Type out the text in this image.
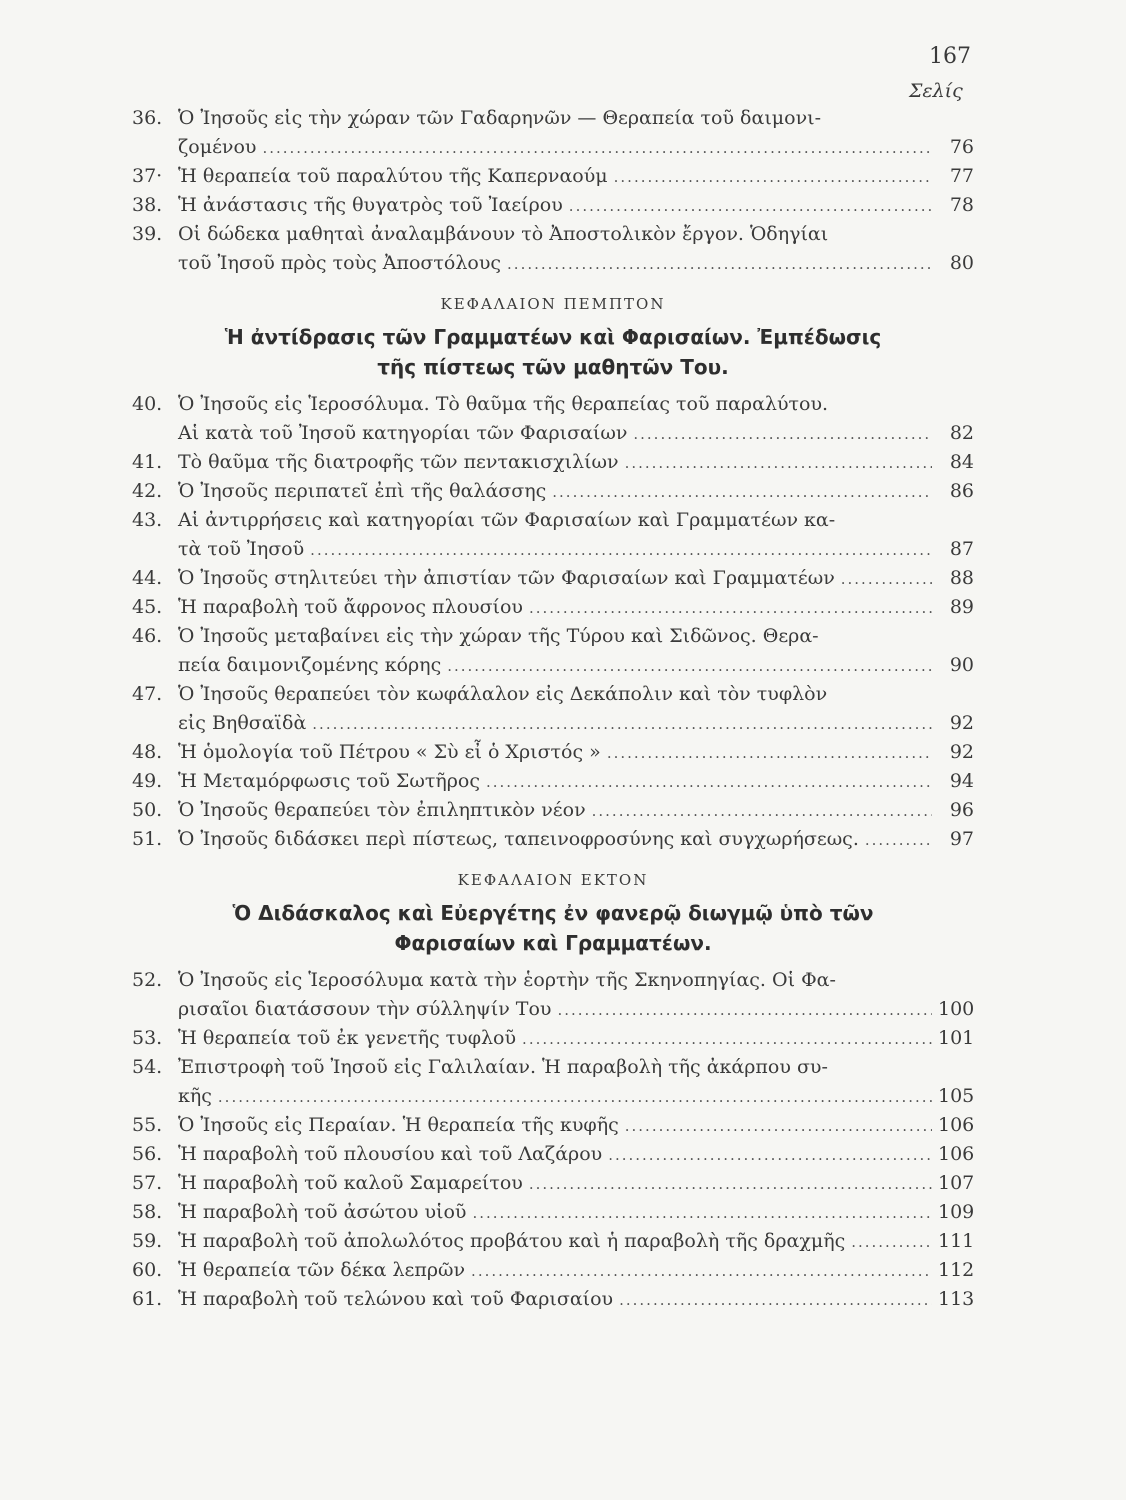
167
Σελίς
36. Ὁ Ἰησοῦς εἰς τὴν χώραν τῶν Γαδαρηνῶν — Θεραπεία τοῦ δαιμονι-
ζομένου .....	76
37· Ἡ θεραπεία τοῦ παραλύτου τῆς Καπερναούμ .....	77
38. Ἡ ἀνάστασις τῆς θυγατρὸς τοῦ Ἰαείρου .....	78
39. Οἱ δώδεκα μαθηταὶ ἀναλαμβάνουν τὸ Ἀποστολικὸν ἔργον. Ὁδηγίαι
τοῦ Ἰησοῦ πρὸς τοὺς Ἀποστόλους .....	80
ΚΕΦΑΛΑΙΟΝ ΠΕΜΠΤΟΝ
Ἡ ἀντίδρασις τῶν Γραμματέων καὶ Φαρισαίων. Ἐμπέδωσις
τῆς πίστεως τῶν μαθητῶν Του.
40. Ὁ Ἰησοῦς εἰς Ἱεροσόλυμα. Τὸ θαῦμα τῆς θεραπείας τοῦ παραλύτου.
Αἱ κατὰ τοῦ Ἰησοῦ κατηγορίαι τῶν Φαρισαίων .....	82
41. Τὸ θαῦμα τῆς διατροφῆς τῶν πεντακισχιλίων .....	84
42. Ὁ Ἰησοῦς περιπατεῖ ἐπὶ τῆς θαλάσσης .....	86
43. Αἱ ἀντιρρήσεις καὶ κατηγορίαι τῶν Φαρισαίων καὶ Γραμματέων κα-
τὰ τοῦ Ἰησοῦ .....	87
44. Ὁ Ἰησοῦς στηλιτεύει τὴν ἀπιστίαν τῶν Φαρισαίων καὶ Γραμματέων .....	88
45. Ἡ παραβολὴ τοῦ ἄφρονος πλουσίου .....	89
46. Ὁ Ἰησοῦς μεταβαίνει εἰς τὴν χώραν τῆς Τύρου καὶ Σιδῶνος. Θερα-
πεία δαιμονιζομένης κόρης .....	90
47. Ὁ Ἰησοῦς θεραπεύει τὸν κωφάλαλον εἰς Δεκάπολιν καὶ τὸν τυφλὸν
εἰς Βηθσαϊδὰ .....	92
48. Ἡ ὁμολογία τοῦ Πέτρου « Σὺ εἶ ὁ Χριστός » .....	92
49. Ἡ Μεταμόρφωσις τοῦ Σωτῆρος .....	94
50. Ὁ Ἰησοῦς θεραπεύει τὸν ἐπιληπτικὸν νέον .....	96
51. Ὁ Ἰησοῦς διδάσκει περὶ πίστεως, ταπεινοφροσύνης καὶ συγχωρήσεως. .....	97
ΚΕΦΑΛΑΙΟΝ ΕΚΤΟΝ
Ὁ Διδάσκαλος καὶ Εὐεργέτης ἐν φανερῷ διωγμῷ ὑπὸ τῶν
Φαρισαίων καὶ Γραμματέων.
52. Ὁ Ἰησοῦς εἰς Ἱεροσόλυμα κατὰ τὴν ἑορτὴν τῆς Σκηνοπηγίας. Οἱ Φα-
ρισαῖοι διατάσσουν τὴν σύλληψίν Του .....	100
53. Ἡ θεραπεία τοῦ ἐκ γενετῆς τυφλοῦ .....	101
54. Ἐπιστροφὴ τοῦ Ἰησοῦ εἰς Γαλιλαίαν. Ἡ παραβολὴ τῆς ἀκάρπου συ-
κῆς .....	105
55. Ὁ Ἰησοῦς εἰς Περαίαν. Ἡ θεραπεία τῆς κυφῆς .....	106
56. Ἡ παραβολὴ τοῦ πλουσίου καὶ τοῦ Λαζάρου .....	106
57. Ἡ παραβολὴ τοῦ καλοῦ Σαμαρείτου .....	107
58. Ἡ παραβολὴ τοῦ ἀσώτου υἱοῦ .....	109
59. Ἡ παραβολὴ τοῦ ἀπολωλότος προβάτου καὶ ἡ παραβολὴ τῆς δραχμῆς .....	111
60. Ἡ θεραπεία τῶν δέκα λεπρῶν .....	112
61. Ἡ παραβολὴ τοῦ τελώνου καὶ τοῦ Φαρισαίου .....	113
